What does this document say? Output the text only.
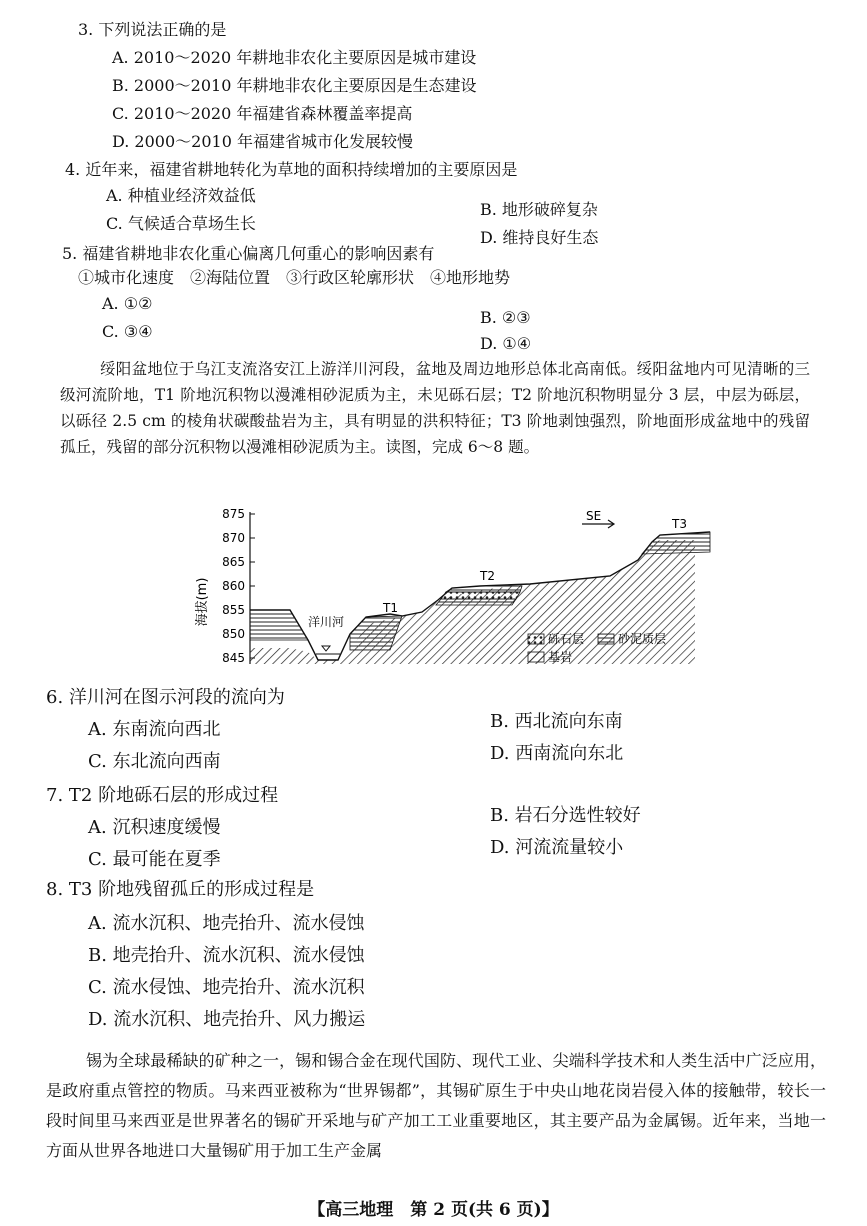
3. 下列说法正确的是
A. 2010～2020 年耕地非农化主要原因是城市建设
B. 2000～2010 年耕地非农化主要原因是生态建设
C. 2010～2020 年福建省森林覆盖率提高
D. 2000～2010 年福建省城市化发展较慢
4. 近年来，福建省耕地转化为草地的面积持续增加的主要原因是
A. 种植业经济效益低
B. 地形破碎复杂
C. 气候适合草场生长
D. 维持良好生态
5. 福建省耕地非农化重心偏离几何重心的影响因素有
①城市化速度　②海陆位置　③行政区轮廓形状　④地形地势
A. ①②
B. ②③
C. ③④
D. ①④
绥阳盆地位于乌江支流洛安江上游洋川河段，盆地及周边地形总体北高南低。绥阳盆地内可见清晰的三级河流阶地，T1 阶地沉积物以漫滩相砂泥质为主，未见砾石层；T2 阶地沉积物明显分 3 层，中层为砾层，以砾径 2.5 cm 的棱角状碳酸盐岩为主，具有明显的洪积特征；T3 阶地剥蚀强烈，阶地面形成盆地中的残留孤丘，残留的部分沉积物以漫滩相砂泥质为主。读图，完成 6～8 题。
875
870
865
860
855
850
845
海拔(m)	洋川河
T1
T2
T3
SE
砾石层	砂泥质层
基岩
6. 洋川河在图示河段的流向为
A. 东南流向西北	B. 西北流向东南
C. 东北流向西南	D. 西南流向东北
7. T2 阶地砾石层的形成过程
A. 沉积速度缓慢
B. 岩石分选性较好
C. 最可能在夏季
D. 河流流量较小
8. T3 阶地残留孤丘的形成过程是
A. 流水沉积、地壳抬升、流水侵蚀
B. 地壳抬升、流水沉积、流水侵蚀
C. 流水侵蚀、地壳抬升、流水沉积
D. 流水沉积、地壳抬升、风力搬运
锡为全球最稀缺的矿种之一，锡和锡合金在现代国防、现代工业、尖端科学技术和人类生活中广泛应用，是政府重点管控的物质。马来西亚被称为“世界锡都”，其锡矿原生于中央山地花岗岩侵入体的接触带，较长一段时间里马来西亚是世界著名的锡矿开采地与矿产加工工业重要地区，其主要产品为金属锡。近年来，当地一方面从世界各地进口大量锡矿用于加工生产金属
【高三地理　第 2 页(共 6 页)】
